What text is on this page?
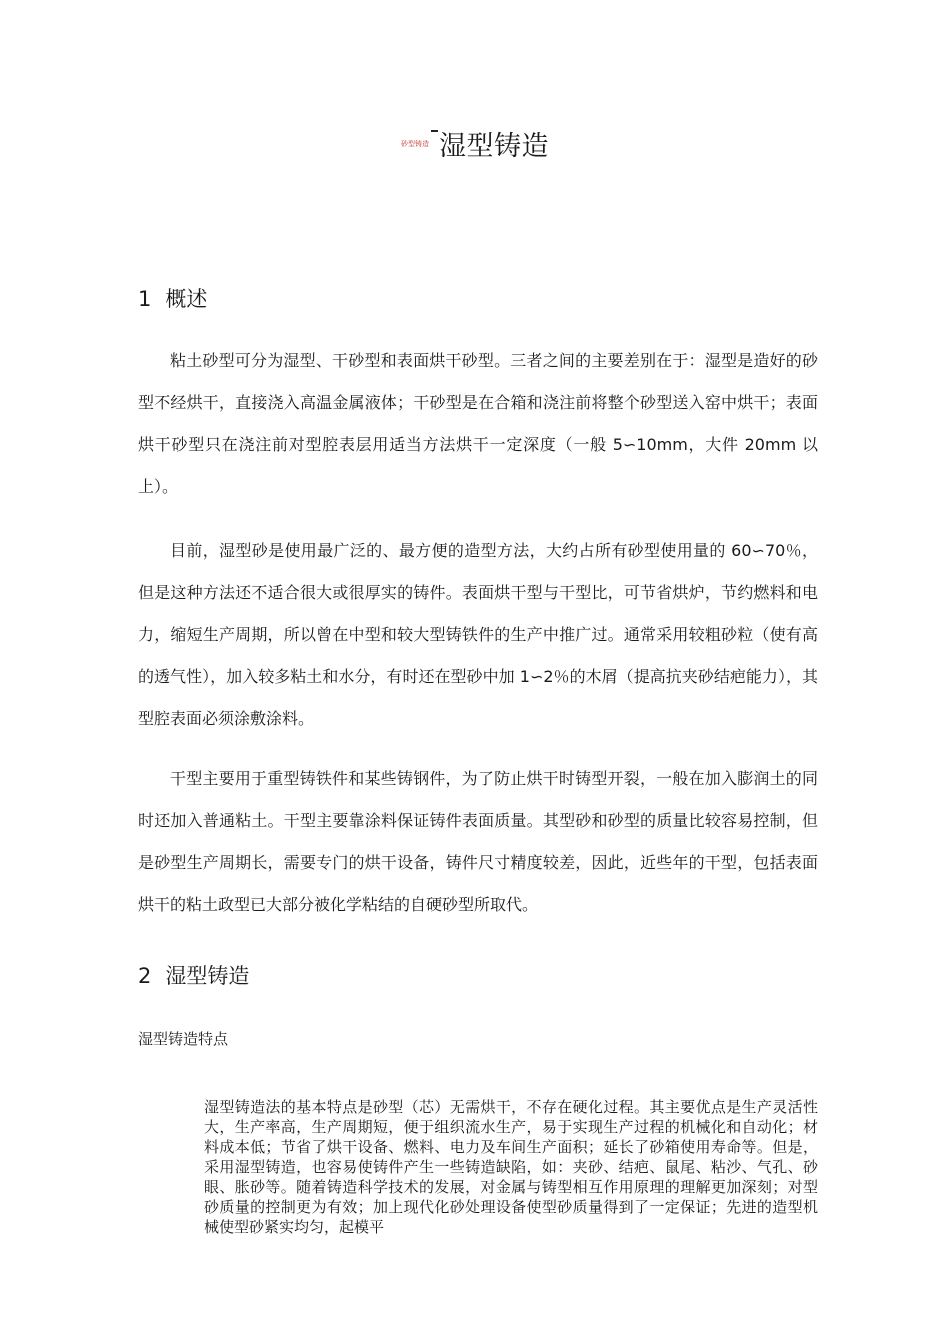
砂型铸造 湿型铸造
1 概述

粘土砂型可分为湿型、干砂型和表面烘干砂型。三者之间的主要差别在于：湿型是造好的砂型不经烘干，直接浇入高温金属液体；干砂型是在合箱和浇注前将整个砂型送入窑中烘干；表面烘干砂型只在浇注前对型腔表层用适当方法烘干一定深度（一般 5∽10mm，大件 20mm 以上）。

目前，湿型砂是使用最广泛的、最方便的造型方法，大约占所有砂型使用量的 60∽70％，但是这种方法还不适合很大或很厚实的铸件。表面烘干型与干型比，可节省烘炉，节约燃料和电力，缩短生产周期，所以曾在中型和较大型铸铁件的生产中推广过。通常采用较粗砂粒（使有高的透气性），加入较多粘土和水分，有时还在型砂中加 1∽2％的木屑（提高抗夹砂结疤能力），其型腔表面必须涂敷涂料。

干型主要用于重型铸铁件和某些铸钢件，为了防止烘干时铸型开裂，一般在加入膨润土的同时还加入普通粘土。干型主要靠涂料保证铸件表面质量。其型砂和砂型的质量比较容易控制，但是砂型生产周期长，需要专门的烘干设备，铸件尺寸精度较差，因此，近些年的干型，包括表面烘干的粘土政型已大部分被化学粘结的自硬砂型所取代。

2 湿型铸造
湿型铸造特点

湿型铸造法的基本特点是砂型（芯）无需烘干，不存在硬化过程。其主要优点是生产灵活性大，生产率高，生产周期短，便于组织流水生产，易于实现生产过程的机械化和自动化；材料成本低；节省了烘干设备、燃料、电力及车间生产面积；延长了砂箱使用寿命等。但是，采用湿型铸造，也容易使铸件产生一些铸造缺陷，如：夹砂、结疤、鼠尾、粘沙、气孔、砂眼、胀砂等。随着铸造科学技术的发展，对金属与铸型相互作用原理的理解更加深刻；对型砂质量的控制更为有效；加上现代化砂处理设备使型砂质量得到了一定保证；先进的造型机械使型砂紧实均匀，起模平
